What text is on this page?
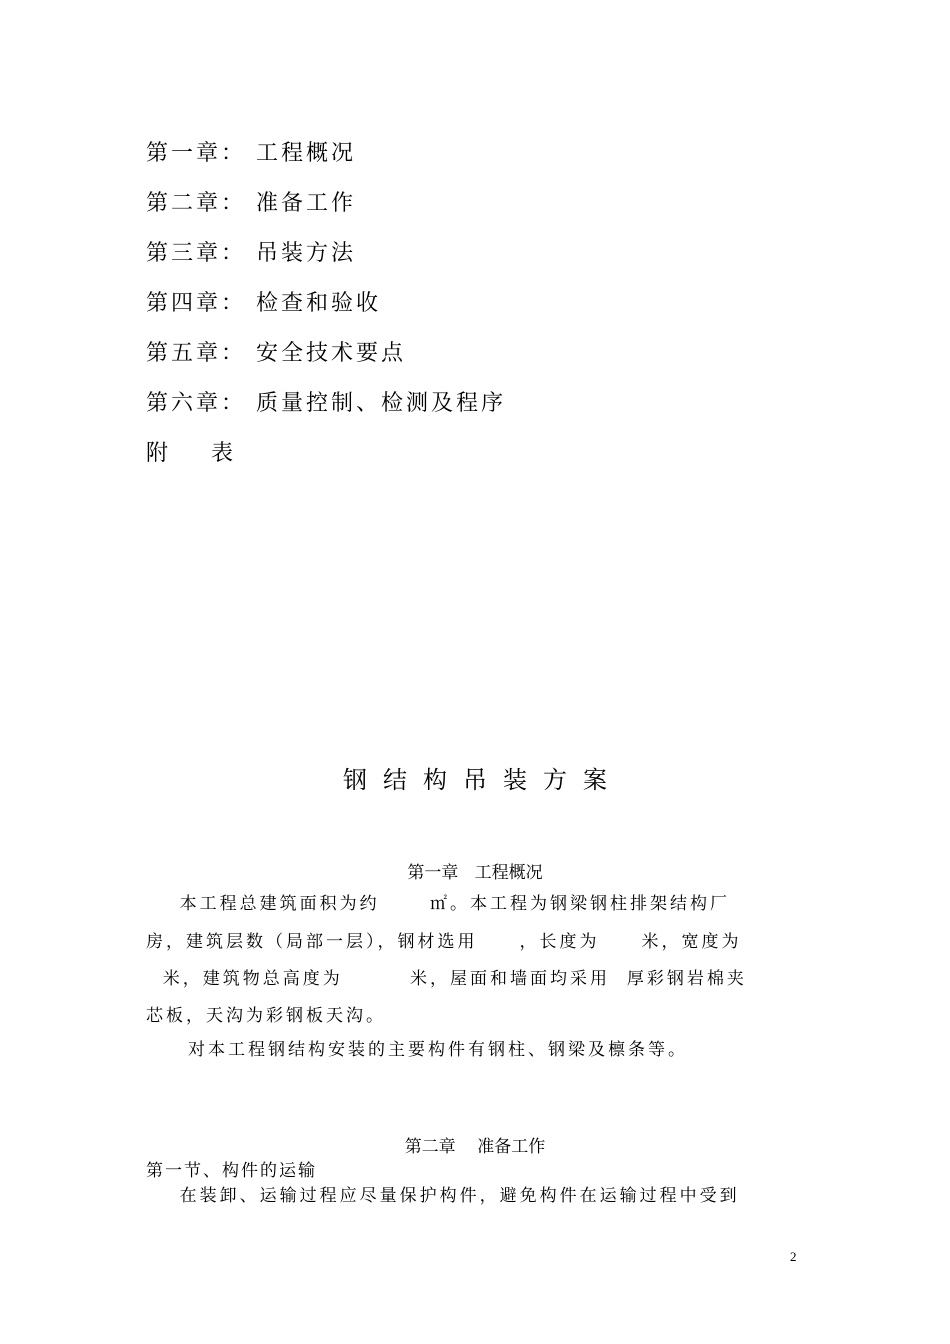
第一章： 工程概况
第二章： 准备工作
第三章： 吊装方法
第四章： 检查和验收
第五章： 安全技术要点
第六章： 质量控制、检测及程序
附    表
钢结构吊装方案
第一章   工程概况
本工程总建筑面积为约      ㎡。本工程为钢梁钢柱排架结构厂
房，建筑层数（局部一层），钢材选用     ，长度为     米，宽度为
米，建筑物总高度为        米，屋面和墙面均采用  厚彩钢岩棉夹
芯板，天沟为彩钢板天沟。
对本工程钢结构安装的主要构件有钢柱、钢梁及檩条等。
第二章    准备工作
第一节、构件的运输
在装卸、运输过程应尽量保护构件，避免构件在运输过程中受到
2
